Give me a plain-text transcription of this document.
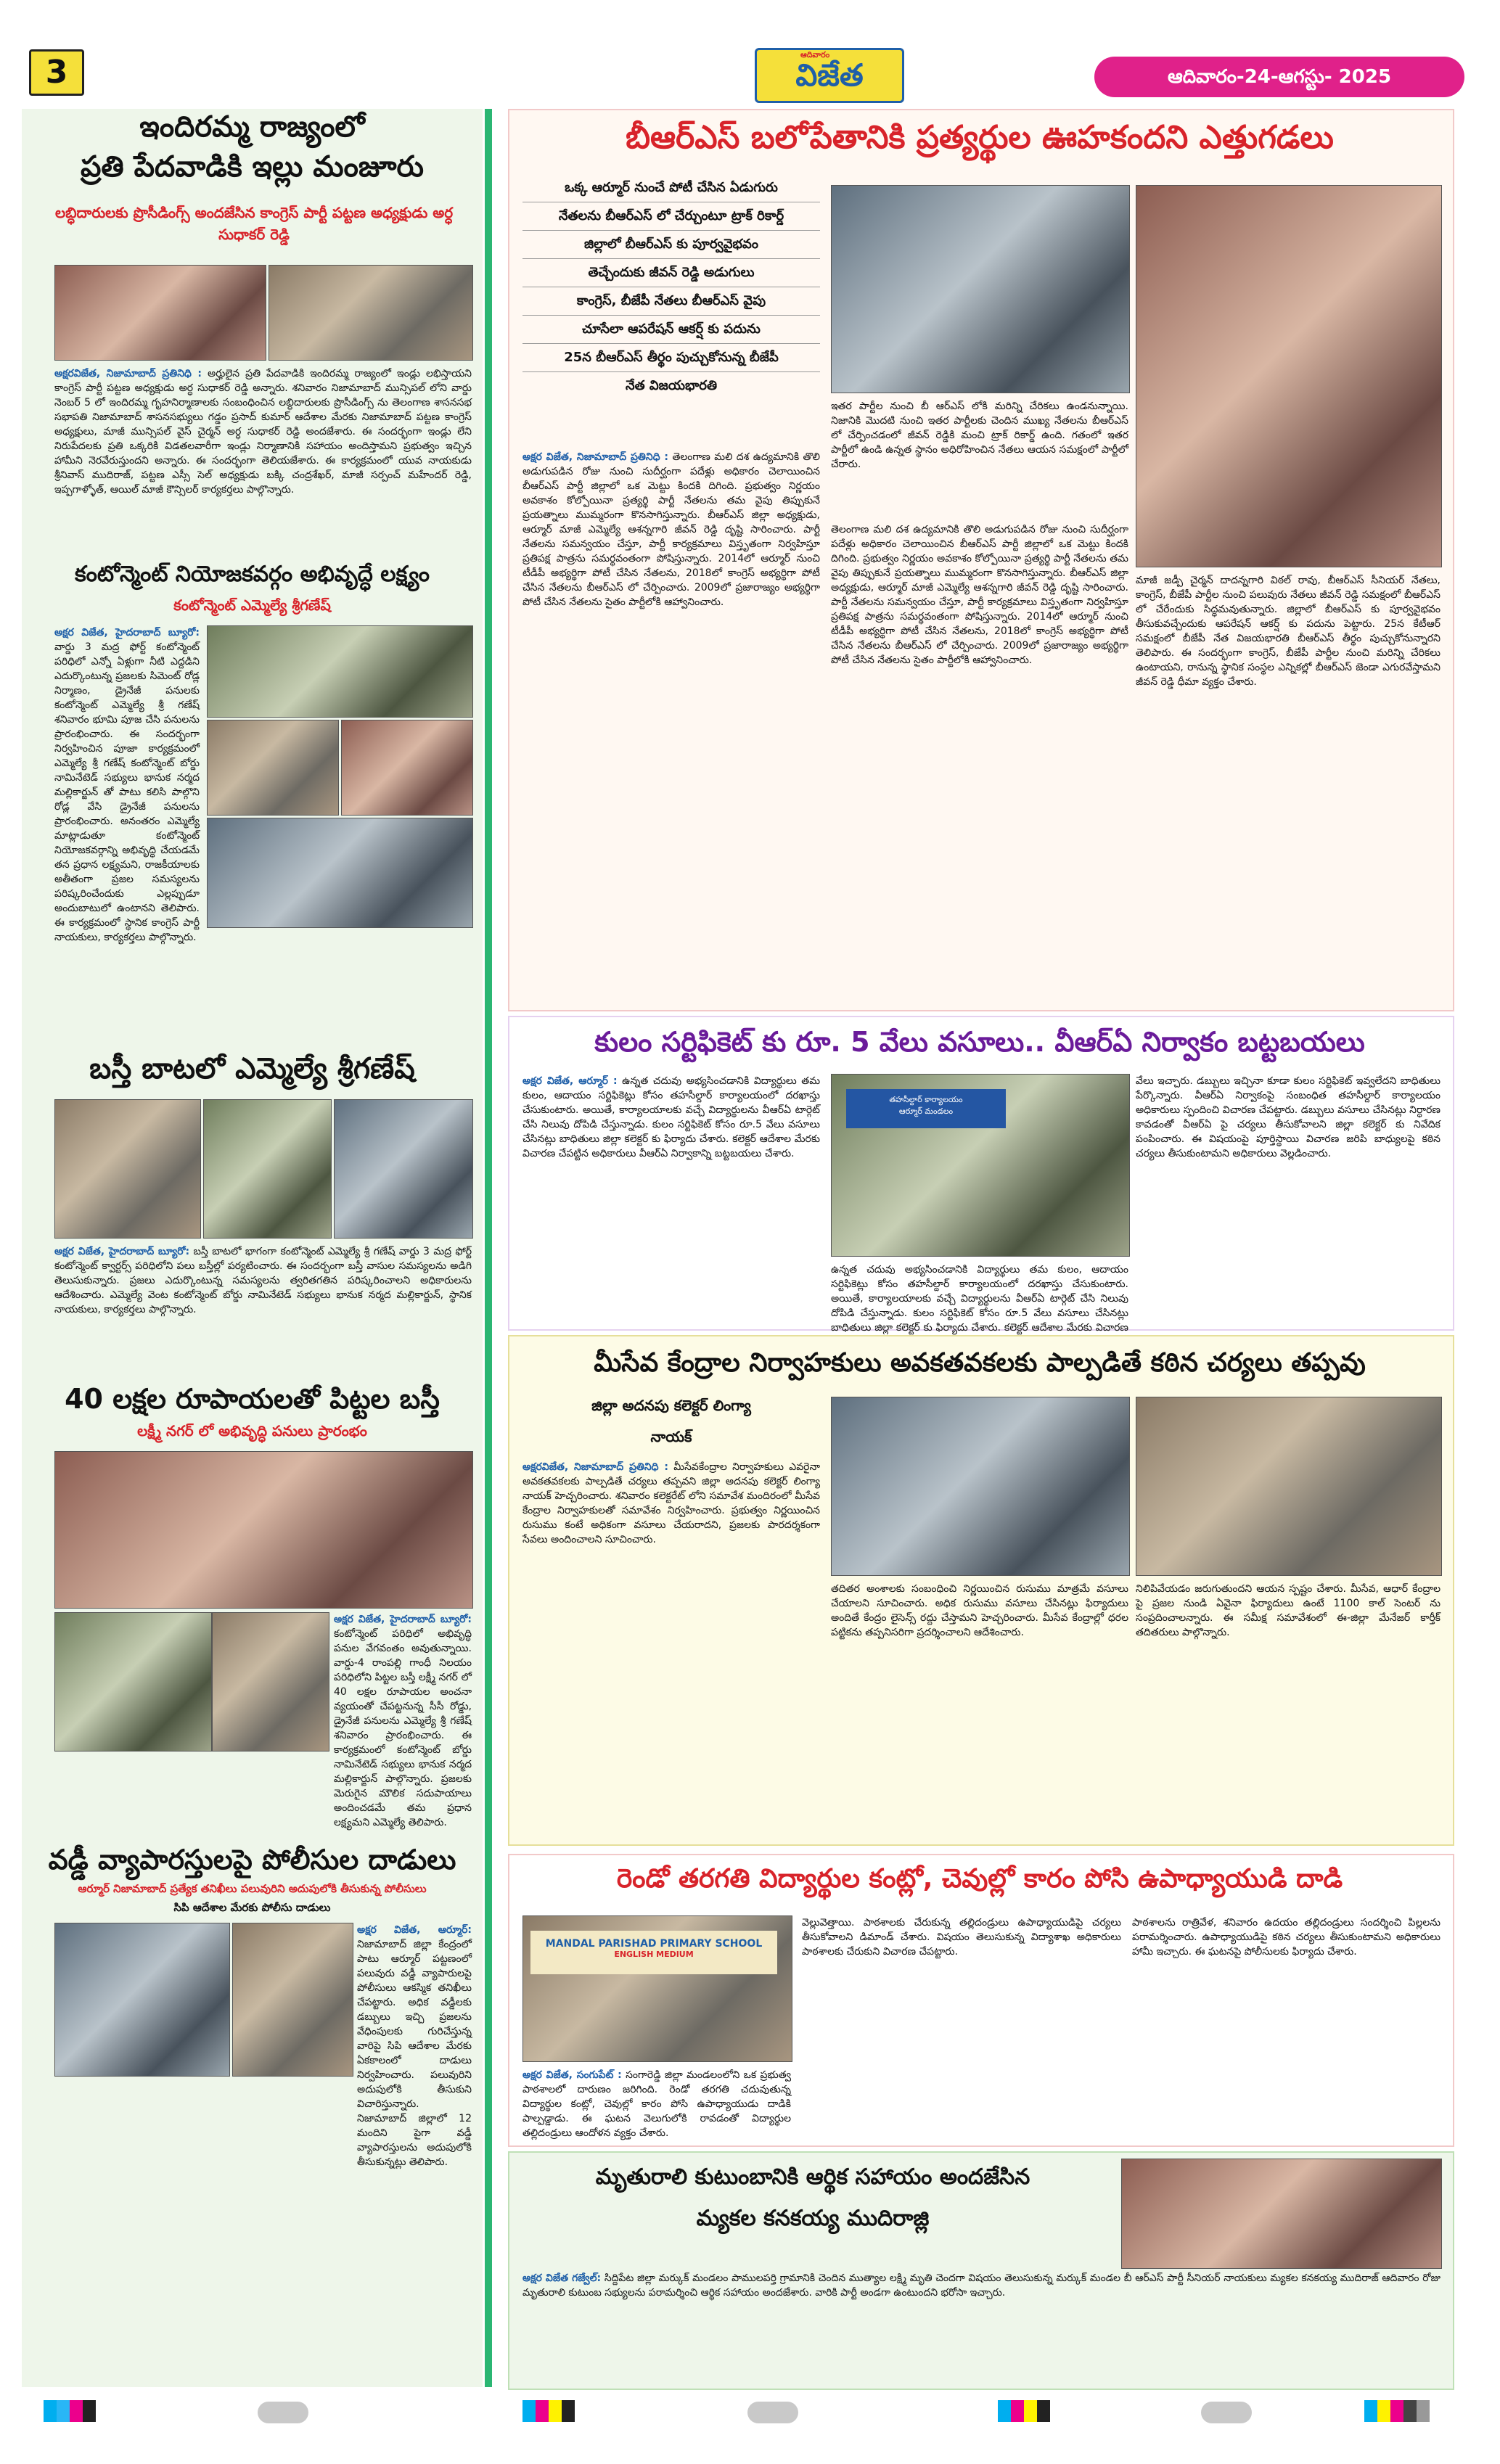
3	ఆదివారం
విజేత	ఆదివారం-24-ఆగస్టు- 2025
ఇందిరమ్మ రాజ్యంలో
ప్రతి పేదవాడికి ఇల్లు మంజూరు
లబ్ధిదారులకు ప్రొసీడింగ్స్ అందజేసిన కాంగ్రెస్ పార్టీ పట్టణ అధ్యక్షుడు అర్ధ సుధాకర్ రెడ్డి
అక్షరవిజేత, నిజామాబాద్ ప్రతినిధి : అర్హులైన ప్రతి పేదవాడికి ఇందిరమ్మ రాజ్యంలో ఇండ్లు లభిస్తాయని కాంగ్రెస్ పార్టీ పట్టణ అధ్యక్షుడు అర్ధ సుధాకర్ రెడ్డి అన్నారు. శనివారం నిజామాబాద్ మున్సిపల్ లోని వార్డు నెంబర్ 5 లో ఇందిరమ్మ గృహనిర్మాణాలకు సంబంధించిన లబ్ధిదారులకు ప్రొసీడింగ్స్ ను తెలంగాణ శాసనసభ సభాపతి నిజామాబాద్ శాసనసభ్యులు గడ్డం ప్రసాద్ కుమార్ ఆదేశాల మేరకు నిజామాబాద్ పట్టణ కాంగ్రెస్ అధ్యక్షులు, మాజీ మున్సిపల్ వైస్ చైర్మన్ అర్ధ సుధాకర్ రెడ్డి అందజేశారు. ఈ సందర్భంగా ఇండ్లు లేని నిరుపేదలకు ప్రతి ఒక్కరికి విడతలవారీగా ఇండ్లు నిర్మాణానికి సహాయం అందిస్తామని ప్రభుత్వం ఇచ్చిన హామీని నెరవేరుస్తుందని అన్నారు. ఈ సందర్భంగా తెలియజేశారు. ఈ కార్యక్రమంలో యువ నాయకుడు శ్రీనివాస్ ముదిరాజ్, పట్టణ ఎస్సీ సెల్ అధ్యక్షుడు బక్కి చంద్రశేఖర్, మాజీ సర్పంచ్ మహేందర్ రెడ్డి, ఇప్పగాళ్ళోత్, ఆయిల్ మాజీ కౌన్సిలర్ కార్యకర్తలు పాల్గొన్నారు.
కంటోన్మెంట్ నియోజకవర్గం అభివృద్ధే లక్ష్యం
కంటోన్మెంట్ ఎమ్మెల్యే శ్రీగణేష్
అక్షర విజేత, హైదరాబాద్ బ్యూరో: వార్డు 3 మద్ర ఫోర్ట్ కంటోన్మెంట్ పరిధిలో ఎన్నో ఏళ్లుగా నీటి ఎద్దడిని ఎదుర్కొంటున్న ప్రజలకు సిమెంట్ రోడ్ల నిర్మాణం, డ్రైనేజీ పనులకు కంటోన్మెంట్ ఎమ్మెల్యే శ్రీ గణేష్ శనివారం భూమి పూజ చేసి పనులను ప్రారంభించారు. ఈ సందర్భంగా నిర్వహించిన పూజా కార్యక్రమంలో ఎమ్మెల్యే శ్రీ గణేష్ కంటోన్మెంట్ బోర్డు నామినేటెడ్ సభ్యులు భానుక నర్మద మల్లికార్జున్ తో పాటు కలిసి పాల్గొని రోడ్ల వేసి డ్రైనేజీ పనులను ప్రారంభించారు. అనంతరం ఎమ్మెల్యే మాట్లాడుతూ కంటోన్మెంట్ నియోజకవర్గాన్ని అభివృద్ధి చేయడమే తన ప్రధాన లక్ష్యమని, రాజకీయాలకు అతీతంగా ప్రజల సమస్యలను పరిష్కరించేందుకు ఎల్లప్పుడూ అందుబాటులో ఉంటానని తెలిపారు. ఈ కార్యక్రమంలో స్థానిక కాంగ్రెస్ పార్టీ నాయకులు, కార్యకర్తలు పాల్గొన్నారు.
బస్తీ బాటలో ఎమ్మెల్యే శ్రీగణేష్
అక్షర విజేత, హైదరాబాద్ బ్యూరో: బస్తీ బాటలో భాగంగా కంటోన్మెంట్ ఎమ్మెల్యే శ్రీ గణేష్ వార్డు 3 మద్ర ఫోర్ట్ కంటోన్మెంట్ క్వార్టర్స్ పరిధిలోని పలు బస్తీల్లో పర్యటించారు. ఈ సందర్భంగా బస్తీ వాసుల సమస్యలను అడిగి తెలుసుకున్నారు. ప్రజలు ఎదుర్కొంటున్న సమస్యలను త్వరితగతిన పరిష్కరించాలని అధికారులను ఆదేశించారు. ఎమ్మెల్యే వెంట కంటోన్మెంట్ బోర్డు నామినేటెడ్ సభ్యులు భానుక నర్మద మల్లికార్జున్, స్థానిక నాయకులు, కార్యకర్తలు పాల్గొన్నారు.
40 లక్షల రూపాయలతో పిట్టల బస్తీ
లక్ష్మీ నగర్ లో అభివృద్ధి పనులు ప్రారంభం
అక్షర విజేత, హైదరాబాద్ బ్యూరో: కంటోన్మెంట్ పరిధిలో అభివృద్ధి పనుల వేగవంతం అవుతున్నాయి. వార్డు-4 రాంపల్లి గాంధీ నిలయం పరిధిలోని పిట్టల బస్తీ లక్ష్మీ నగర్ లో 40 లక్షల రూపాయల అంచనా వ్యయంతో చేపట్టనున్న సీసీ రోడ్డు, డ్రైనేజీ పనులను ఎమ్మెల్యే శ్రీ గణేష్ శనివారం ప్రారంభించారు. ఈ కార్యక్రమంలో కంటోన్మెంట్ బోర్డు నామినేటెడ్ సభ్యులు భానుక నర్మద మల్లికార్జున్ పాల్గొన్నారు. ప్రజలకు మెరుగైన మౌలిక సదుపాయాలు అందించడమే తమ ప్రధాన లక్ష్యమని ఎమ్మెల్యే తెలిపారు.
వడ్డీ వ్యాపారస్తులపై పోలీసుల దాడులు
ఆర్మూర్ నిజామాబాద్ ప్రత్యేక తనిఖీలు పలువురిని అదుపులోకి తీసుకున్న పోలీసులు
సిపి ఆదేశాల మేరకు పోలీసు దాడులు
అక్షర విజేత, ఆర్మూర్: నిజామాబాద్ జిల్లా కేంద్రంలో పాటు ఆర్మూర్ పట్టణంలో పలువురు వడ్డీ వ్యాపారులపై పోలీసులు ఆకస్మిక తనిఖీలు చేపట్టారు. అధిక వడ్డీలకు డబ్బులు ఇచ్చి ప్రజలను వేధింపులకు గురిచేస్తున్న వారిపై సిపి ఆదేశాల మేరకు ఏకకాలంలో దాడులు నిర్వహించారు. పలువురిని అదుపులోకి తీసుకుని విచారిస్తున్నారు. నిజామాబాద్ జిల్లాలో 12 మందిని పైగా వడ్డీ వ్యాపారస్తులను అదుపులోకి తీసుకున్నట్లు తెలిపారు.
బీఆర్ఎస్ బలోపేతానికి ప్రత్యర్థుల ఊహకందని ఎత్తుగడలు
ఒక్క ఆర్మూర్ నుంచే పోటీ చేసిన ఏడుగురు
నేతలను బీఆర్ఎస్ లో చేర్చుంటూ ట్రాక్ రికార్డ్
జిల్లాలో బీఆర్ఎస్ కు పూర్వవైభవం
తెచ్చేందుకు జీవన్ రెడ్డి అడుగులు
కాంగ్రెస్, బీజేపీ నేతలు బీఆర్ఎస్ వైపు
చూసేలా ఆపరేషన్ ఆకర్ష్ కు పదును
25న బీఆర్ఎస్ తీర్థం పుచ్చుకోనున్న బీజేపీ
నేత విజయభారతి
ఇతర పార్టీల నుంచి బీ ఆర్ఎస్ లోకి మరిన్ని చేరికలు ఉండనున్నాయి. నిజానికి మొదటి నుంచి ఇతర పార్టీలకు చెందిన ముఖ్య నేతలను బీఆర్ఎస్ లో చేర్పించడంలో జీవన్ రెడ్డికి మంచి ట్రాక్ రికార్డ్ ఉంది. గతంలో ఇతర పార్టీలో ఉండి ఉన్నత స్థానం అధిరోహించిన నేతలు ఆయన సమక్షంలో పార్టీలో చేరారు.
అక్షర విజేత, నిజామాబాద్ ప్రతినిధి : తెలంగాణ మలి దశ ఉద్యమానికి తొలి అడుగుపడిన రోజు నుంచి సుదీర్ఘంగా పదేళ్లు అధికారం చెలాయించిన బీఆర్ఎస్ పార్టీ జిల్లాలో ఒక మెట్టు కిందకి దిగింది. ప్రభుత్వం నిర్ణయం అవకాశం కోల్పోయినా ప్రత్యర్థి పార్టీ నేతలను తమ వైపు తిప్పుకునే ప్రయత్నాలు ముమ్మరంగా కొనసాగిస్తున్నారు. బీఆర్ఎస్ జిల్లా అధ్యక్షుడు, ఆర్మూర్ మాజీ ఎమ్మెల్యే ఆశన్నగారి జీవన్ రెడ్డి దృష్టి సారించారు. పార్టీ నేతలను సమన్వయం చేస్తూ, పార్టీ కార్యక్రమాలు విస్తృతంగా నిర్వహిస్తూ ప్రతిపక్ష పాత్రను సమర్థవంతంగా పోషిస్తున్నారు. 2014లో ఆర్మూర్ నుంచి టీడీపీ అభ్యర్థిగా పోటీ చేసిన నేతలను, 2018లో కాంగ్రెస్ అభ్యర్థిగా పోటీ చేసిన నేతలను బీఆర్ఎస్ లో చేర్పించారు. 2009లో ప్రజారాజ్యం అభ్యర్థిగా పోటీ చేసిన నేతలను సైతం పార్టీలోకి ఆహ్వానించారు.
మాజీ జడ్పీ చైర్మన్ దాదన్నగారి విఠల్ రావు, బీఆర్ఎస్ సీనియర్ నేతలు, కాంగ్రెస్, బీజేపీ పార్టీల నుంచి పలువురు నేతలు జీవన్ రెడ్డి సమక్షంలో బీఆర్ఎస్ లో చేరేందుకు సిద్ధమవుతున్నారు. జిల్లాలో బీఆర్ఎస్ కు పూర్వవైభవం తీసుకువచ్చేందుకు ఆపరేషన్ ఆకర్ష్ కు పదును పెట్టారు. 25న కేటీఆర్ సమక్షంలో బీజేపీ నేత విజయభారతి బీఆర్ఎస్ తీర్థం పుచ్చుకోనున్నారని తెలిపారు. ఈ సందర్భంగా కాంగ్రెస్, బీజేపీ పార్టీల నుంచి మరిన్ని చేరికలు ఉంటాయని, రానున్న స్థానిక సంస్థల ఎన్నికల్లో బీఆర్ఎస్ జెండా ఎగురవేస్తామని జీవన్ రెడ్డి ధీమా వ్యక్తం చేశారు.
తెలంగాణ మలి దశ ఉద్యమానికి తొలి అడుగుపడిన రోజు నుంచి సుదీర్ఘంగా పదేళ్లు అధికారం చెలాయించిన బీఆర్ఎస్ పార్టీ జిల్లాలో ఒక మెట్టు కిందకి దిగింది. ప్రభుత్వం నిర్ణయం అవకాశం కోల్పోయినా ప్రత్యర్థి పార్టీ నేతలను తమ వైపు తిప్పుకునే ప్రయత్నాలు ముమ్మరంగా కొనసాగిస్తున్నారు. బీఆర్ఎస్ జిల్లా అధ్యక్షుడు, ఆర్మూర్ మాజీ ఎమ్మెల్యే ఆశన్నగారి జీవన్ రెడ్డి దృష్టి సారించారు. పార్టీ నేతలను సమన్వయం చేస్తూ, పార్టీ కార్యక్రమాలు విస్తృతంగా నిర్వహిస్తూ ప్రతిపక్ష పాత్రను సమర్థవంతంగా పోషిస్తున్నారు. 2014లో ఆర్మూర్ నుంచి టీడీపీ అభ్యర్థిగా పోటీ చేసిన నేతలను, 2018లో కాంగ్రెస్ అభ్యర్థిగా పోటీ చేసిన నేతలను బీఆర్ఎస్ లో చేర్పించారు. 2009లో ప్రజారాజ్యం అభ్యర్థిగా పోటీ చేసిన నేతలను సైతం పార్టీలోకి ఆహ్వానించారు.
కులం సర్టిఫికెట్ కు రూ. 5 వేలు వసూలు.. వీఆర్ఏ నిర్వాకం బట్టబయలు
అక్షర విజేత, ఆర్మూర్ : ఉన్నత చదువు అభ్యసించడానికి విద్యార్థులు తమ కులం, ఆదాయం సర్టిఫికెట్లు కోసం తహసీల్దార్ కార్యాలయంలో దరఖాస్తు చేసుకుంటారు. అయితే, కార్యాలయాలకు వచ్చే విద్యార్థులను వీఆర్ఏ టార్గెట్ చేసి నిలువు దోపిడి చేస్తున్నాడు. కులం సర్టిఫికెట్ కోసం రూ.5 వేలు వసూలు చేసినట్లు బాధితులు జిల్లా కలెక్టర్ కు ఫిర్యాదు చేశారు. కలెక్టర్ ఆదేశాల మేరకు విచారణ చేపట్టిన అధికారులు వీఆర్ఏ నిర్వాకాన్ని బట్టబయలు చేశారు.
తహసీల్దార్ కార్యాలయం
ఆర్మూర్ మండలం
ఉన్నత చదువు అభ్యసించడానికి విద్యార్థులు తమ కులం, ఆదాయం సర్టిఫికెట్లు కోసం తహసీల్దార్ కార్యాలయంలో దరఖాస్తు చేసుకుంటారు. అయితే, కార్యాలయాలకు వచ్చే విద్యార్థులను వీఆర్ఏ టార్గెట్ చేసి నిలువు దోపిడి చేస్తున్నాడు. కులం సర్టిఫికెట్ కోసం రూ.5 వేలు వసూలు చేసినట్లు బాధితులు జిల్లా కలెక్టర్ కు ఫిర్యాదు చేశారు. కలెక్టర్ ఆదేశాల మేరకు విచారణ
వేలు ఇచ్చారు. డబ్బులు ఇచ్చినా కూడా కులం సర్టిఫికెట్ ఇవ్వలేదని బాధితులు పేర్కొన్నారు. వీఆర్ఏ నిర్వాకంపై సంబంధిత తహసీల్దార్ కార్యాలయం అధికారులు స్పందించి విచారణ చేపట్టారు. డబ్బులు వసూలు చేసినట్లు నిర్ధారణ కావడంతో వీఆర్ఏ పై చర్యలు తీసుకోవాలని జిల్లా కలెక్టర్ కు నివేదిక పంపించారు. ఈ విషయంపై పూర్తిస్థాయి విచారణ జరిపి బాధ్యులపై కఠిన చర్యలు తీసుకుంటామని అధికారులు వెల్లడించారు.
మీసేవ కేంద్రాల నిర్వాహకులు అవకతవకలకు పాల్పడితే కఠిన చర్యలు తప్పవు
జిల్లా అదనపు కలెక్టర్ లింగ్యా
నాయక్
అక్షరవిజేత, నిజామాబాద్ ప్రతినిధి : మీసేవకేంద్రాల నిర్వాహకులు ఎవరైనా అవకతవకలకు పాల్పడితే చర్యలు తప్పవని జిల్లా అదనపు కలెక్టర్ లింగ్యా నాయక్ హెచ్చరించారు. శనివారం కలెక్టరేట్ లోని సమావేశ మందిరంలో మీసేవ కేంద్రాల నిర్వాహకులతో సమావేశం నిర్వహించారు. ప్రభుత్వం నిర్ణయించిన రుసుము కంటే అధికంగా వసూలు చేయరాదని, ప్రజలకు పారదర్శకంగా సేవలు అందించాలని సూచించారు.
తదితర అంశాలకు సంబంధించి నిర్ణయించిన రుసుము మాత్రమే వసూలు చేయాలని సూచించారు. అధిక రుసుము వసూలు చేసినట్లు ఫిర్యాదులు అందితే కేంద్రం లైసెన్స్ రద్దు చేస్తామని హెచ్చరించారు. మీసేవ కేంద్రాల్లో ధరల పట్టికను తప్పనిసరిగా ప్రదర్శించాలని ఆదేశించారు.
నిలిపివేయడం జరుగుతుందని ఆయన స్పష్టం చేశారు. మీసేవ, ఆధార్ కేంద్రాల పై ప్రజల నుండి ఏవైనా ఫిర్యాదులు ఉంటే 1100 కాల్ సెంటర్ ను సంప్రదించాలన్నారు. ఈ సమీక్ష సమావేశంలో ఈ-జిల్లా మేనేజర్ కార్తీక్ తదితరులు పాల్గొన్నారు.
రెండో తరగతి విద్యార్థుల కంట్లో, చెవుల్లో కారం పోసి ఉపాధ్యాయుడి దాడి
MANDAL PARISHAD PRIMARY SCHOOL
ENGLISH MEDIUM
అక్షర విజేత, సంగుపేట్ : సంగారెడ్డి జిల్లా మండలంలోని ఒక ప్రభుత్వ పాఠశాలలో దారుణం జరిగింది. రెండో తరగతి చదువుతున్న విద్యార్థుల కంట్లో, చెవుల్లో కారం పోసి ఉపాధ్యాయుడు దాడికి పాల్పడ్డాడు. ఈ ఘటన వెలుగులోకి రావడంతో విద్యార్థుల తల్లిదండ్రులు ఆందోళన వ్యక్తం చేశారు.
వెల్లువెత్తాయి. పాఠశాలకు చేరుకున్న తల్లిదండ్రులు ఉపాధ్యాయుడిపై చర్యలు తీసుకోవాలని డిమాండ్ చేశారు. విషయం తెలుసుకున్న విద్యాశాఖ అధికారులు పాఠశాలకు చేరుకుని విచారణ చేపట్టారు.
పాఠశాలను రాత్రివేళ, శనివారం ఉదయం తల్లిదండ్రులు సందర్శించి పిల్లలను పరామర్శించారు. ఉపాధ్యాయుడిపై కఠిన చర్యలు తీసుకుంటామని అధికారులు హామీ ఇచ్చారు. ఈ ఘటనపై పోలీసులకు ఫిర్యాదు చేశారు.
మృతురాలి కుటుంబానికి ఆర్థిక సహాయం అందజేసిన
మ్యకల కనకయ్య ముదిరాజ్లి
అక్షర విజేత గజ్వేల్: సిద్దిపేట జిల్లా మర్కుక్ మండలం పాములపర్తి గ్రామానికి చెందిన ముత్యాల లక్ష్మి మృతి చెందగా విషయం తెలుసుకున్న మర్కుక్ మండల బీ ఆర్ఎస్ పార్టీ సీనియర్ నాయకులు మ్యకల కనకయ్య ముదిరాజ్ ఆదివారం రోజు మృతురాలి కుటుంబ సభ్యులను పరామర్శించి ఆర్థిక సహాయం అందజేశారు. వారికి పార్టీ అండగా ఉంటుందని భరోసా ఇచ్చారు.
